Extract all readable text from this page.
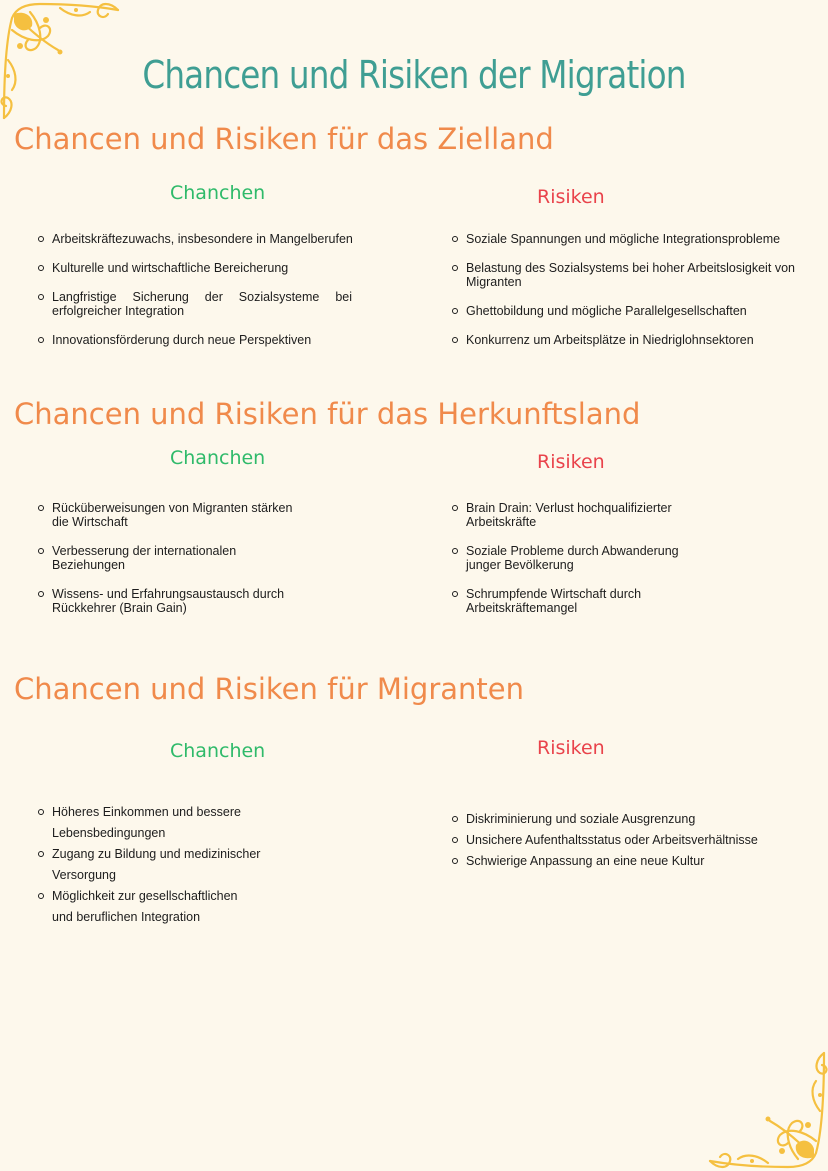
Chancen und Risiken der Migration
Chancen und Risiken für das Zielland
Chanchen	Risiken
Arbeitskräftezuwachs, insbesondere in Mangelberufen
Kulturelle und wirtschaftliche Bereicherung
Langfristige Sicherung der Sozialsysteme bei erfolgreicher Integration
Innovationsförderung durch neue Perspektiven
Soziale Spannungen und mögliche Integrationsprobleme
Belastung des Sozialsystems bei hoher Arbeitslosigkeit von Migranten
Ghettobildung und mögliche Parallelgesellschaften
Konkurrenz um Arbeitsplätze in Niedriglohnsektoren
Chancen und Risiken für das Herkunftsland
Chanchen	Risiken
Rücküberweisungen von Migranten stärken die Wirtschaft
Verbesserung der internationalen Beziehungen
Wissens- und Erfahrungsaustausch durch Rückkehrer (Brain Gain)
Brain Drain: Verlust hochqualifizierter Arbeitskräfte
Soziale Probleme durch Abwanderung junger Bevölkerung
Schrumpfende Wirtschaft durch Arbeitskräftemangel
Chancen und Risiken für Migranten
Chanchen	Risiken
Höheres Einkommen und bessere Lebensbedingungen
Zugang zu Bildung und medizinischer Versorgung
Möglichkeit zur gesellschaftlichen und beruflichen Integration
Diskriminierung und soziale Ausgrenzung
Unsichere Aufenthaltsstatus oder Arbeitsverhältnisse
Schwierige Anpassung an eine neue Kultur
